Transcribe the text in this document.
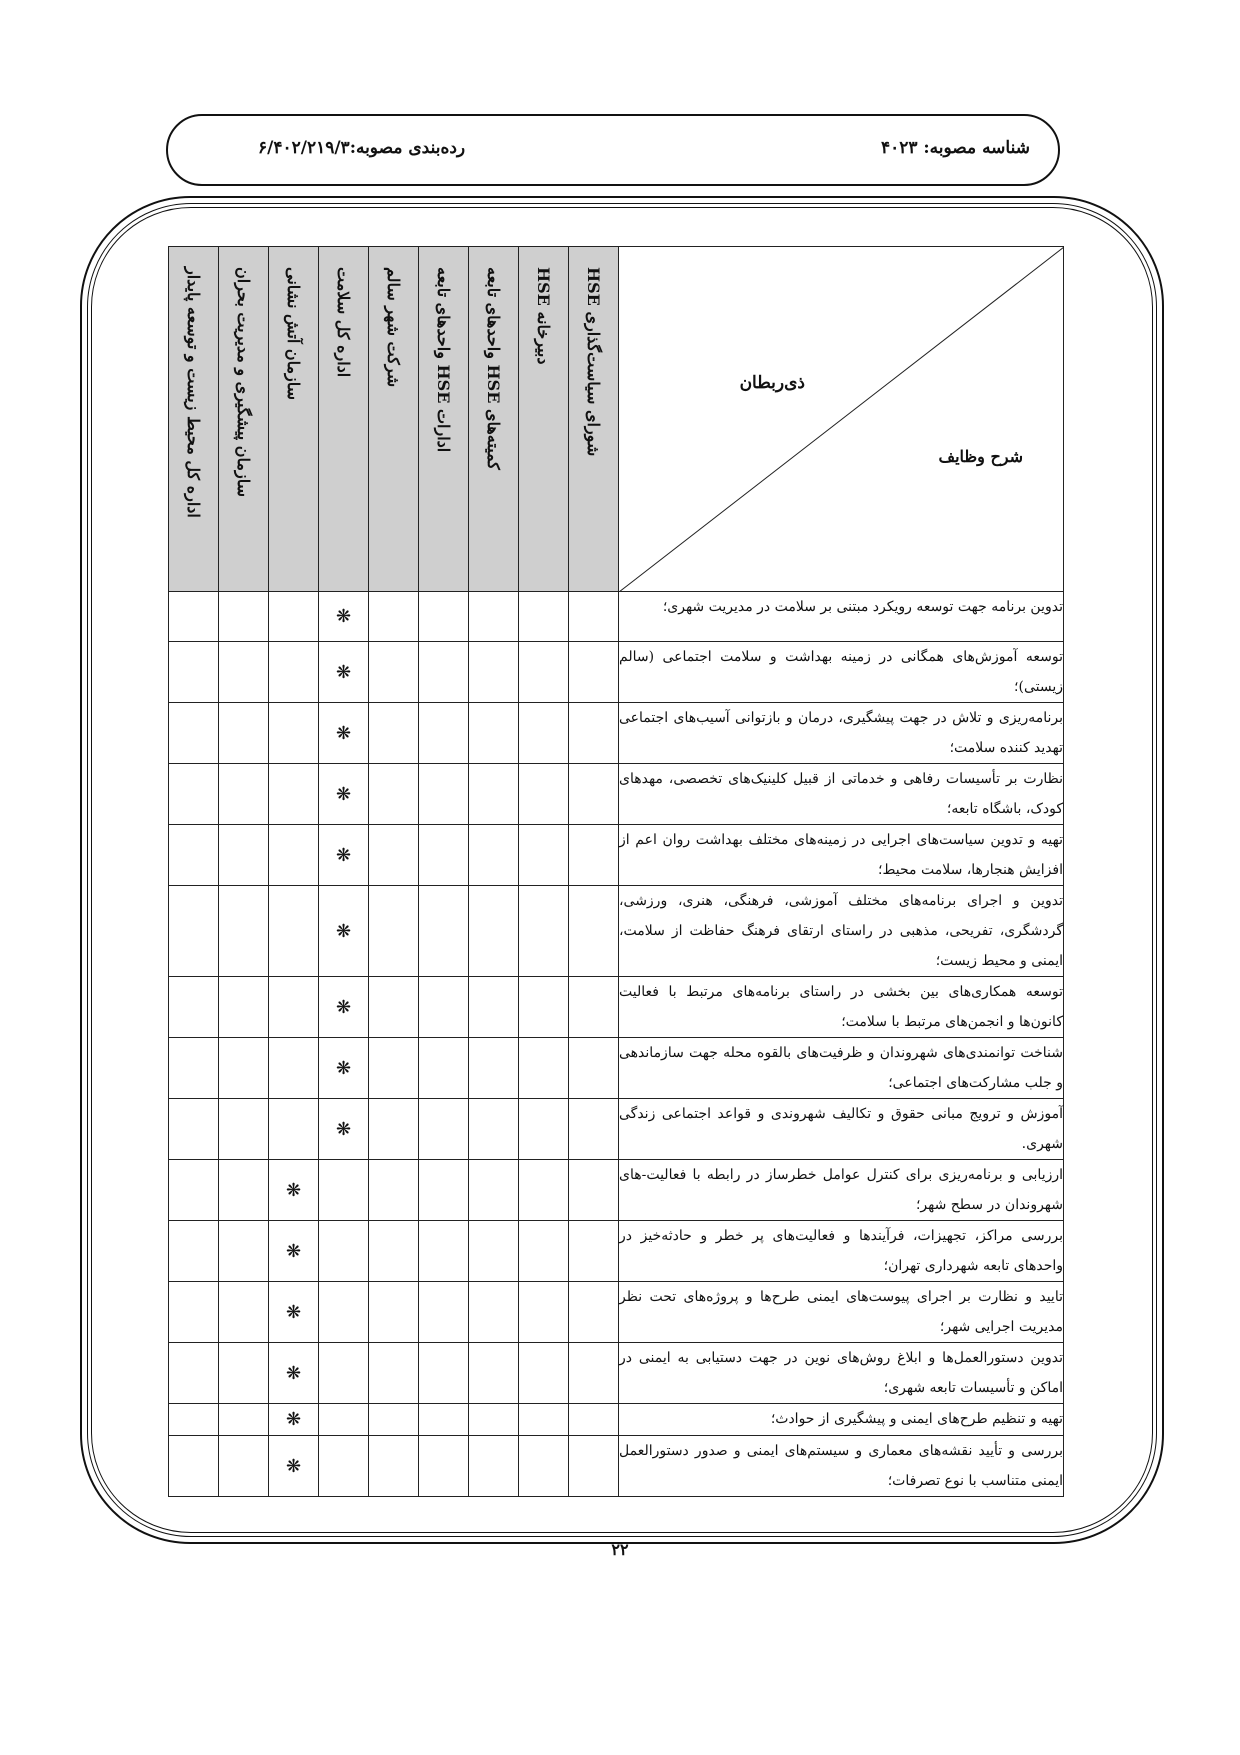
شناسه مصوبه: ۴۰۲۳
رده‌بندی مصوبه:۶/۴۰۲/۲۱۹/۳
ذی‌ربطان
شرح وظایف	شورای سیاست‌گذاری HSE	دبیرخانه HSE	کمیته‌های HSE واحدهای تابعه	ادارات HSE واحدهای تابعه	شرکت شهر سالم	اداره کل سلامت	سازمان آتش نشانی	سازمان پیشگیری و مدیریت بحران	اداره کل محیط زیست و توسعه پایدار

تدوین برنامه جهت توسعه رویکرد مبتنی بر سلامت در مدیریت شهری؛						❋			
توسعه آموزش‌های همگانی در زمینه بهداشت و سلامت اجتماعی (سالم زیستی)؛						❋			
برنامه‌ریزی و تلاش در جهت پیشگیری، درمان و بازتوانی آسیب‌های اجتماعی تهدید کننده سلامت؛						❋			
نظارت بر تأسیسات رفاهی و خدماتی از قبیل کلینیک‌های تخصصی، مهدهای کودک، باشگاه تابعه؛						❋			
تهیه و تدوین سیاست‌های اجرایی در زمینه‌های مختلف بهداشت روان اعم از افزایش هنجارها، سلامت محیط؛						❋			
تدوین و اجرای برنامه‌های مختلف آموزشی، فرهنگی، هنری، ورزشی، گردشگری، تفریحی، مذهبی در راستای ارتقای فرهنگ حفاظت از سلامت، ایمنی و محیط زیست؛						❋			
توسعه همکاری‌های بین بخشی در راستای برنامه‌های مرتبط با فعالیت کانون‌ها و انجمن‌های مرتبط با سلامت؛						❋			
شناخت توانمندی‌های شهروندان و ظرفیت‌های بالقوه محله جهت سازماندهی و جلب مشارکت‌های اجتماعی؛						❋			
آموزش و ترویج مبانی حقوق و تکالیف شهروندی و قواعد اجتماعی زندگی شهری.						❋			
ارزیابی و برنامه‌ریزی برای کنترل عوامل خطرساز در رابطه با فعالیت-های شهروندان در سطح شهر؛							❋		
بررسی مراکز، تجهیزات، فرآیندها و فعالیت‌های پر خطر و حادثه‌خیز در واحدهای تابعه شهرداری تهران؛							❋		
تایید و نظارت بر اجرای پیوست‌های ایمنی طرح‌ها و پروژه‌های تحت نظر مدیریت اجرایی شهر؛							❋		
تدوین دستورالعمل‌ها و ابلاغ روش‌های نوین در جهت دستیابی به ایمنی در اماکن و تأسیسات تابعه شهری؛							❋		
تهیه و تنظیم طرح‌های ایمنی و پیشگیری از حوادث؛							❋		
بررسی و تأیید نقشه‌های معماری و سیستم‌های ایمنی و صدور دستورالعمل ایمنی متناسب با نوع تصرفات؛							❋		
۲۲
